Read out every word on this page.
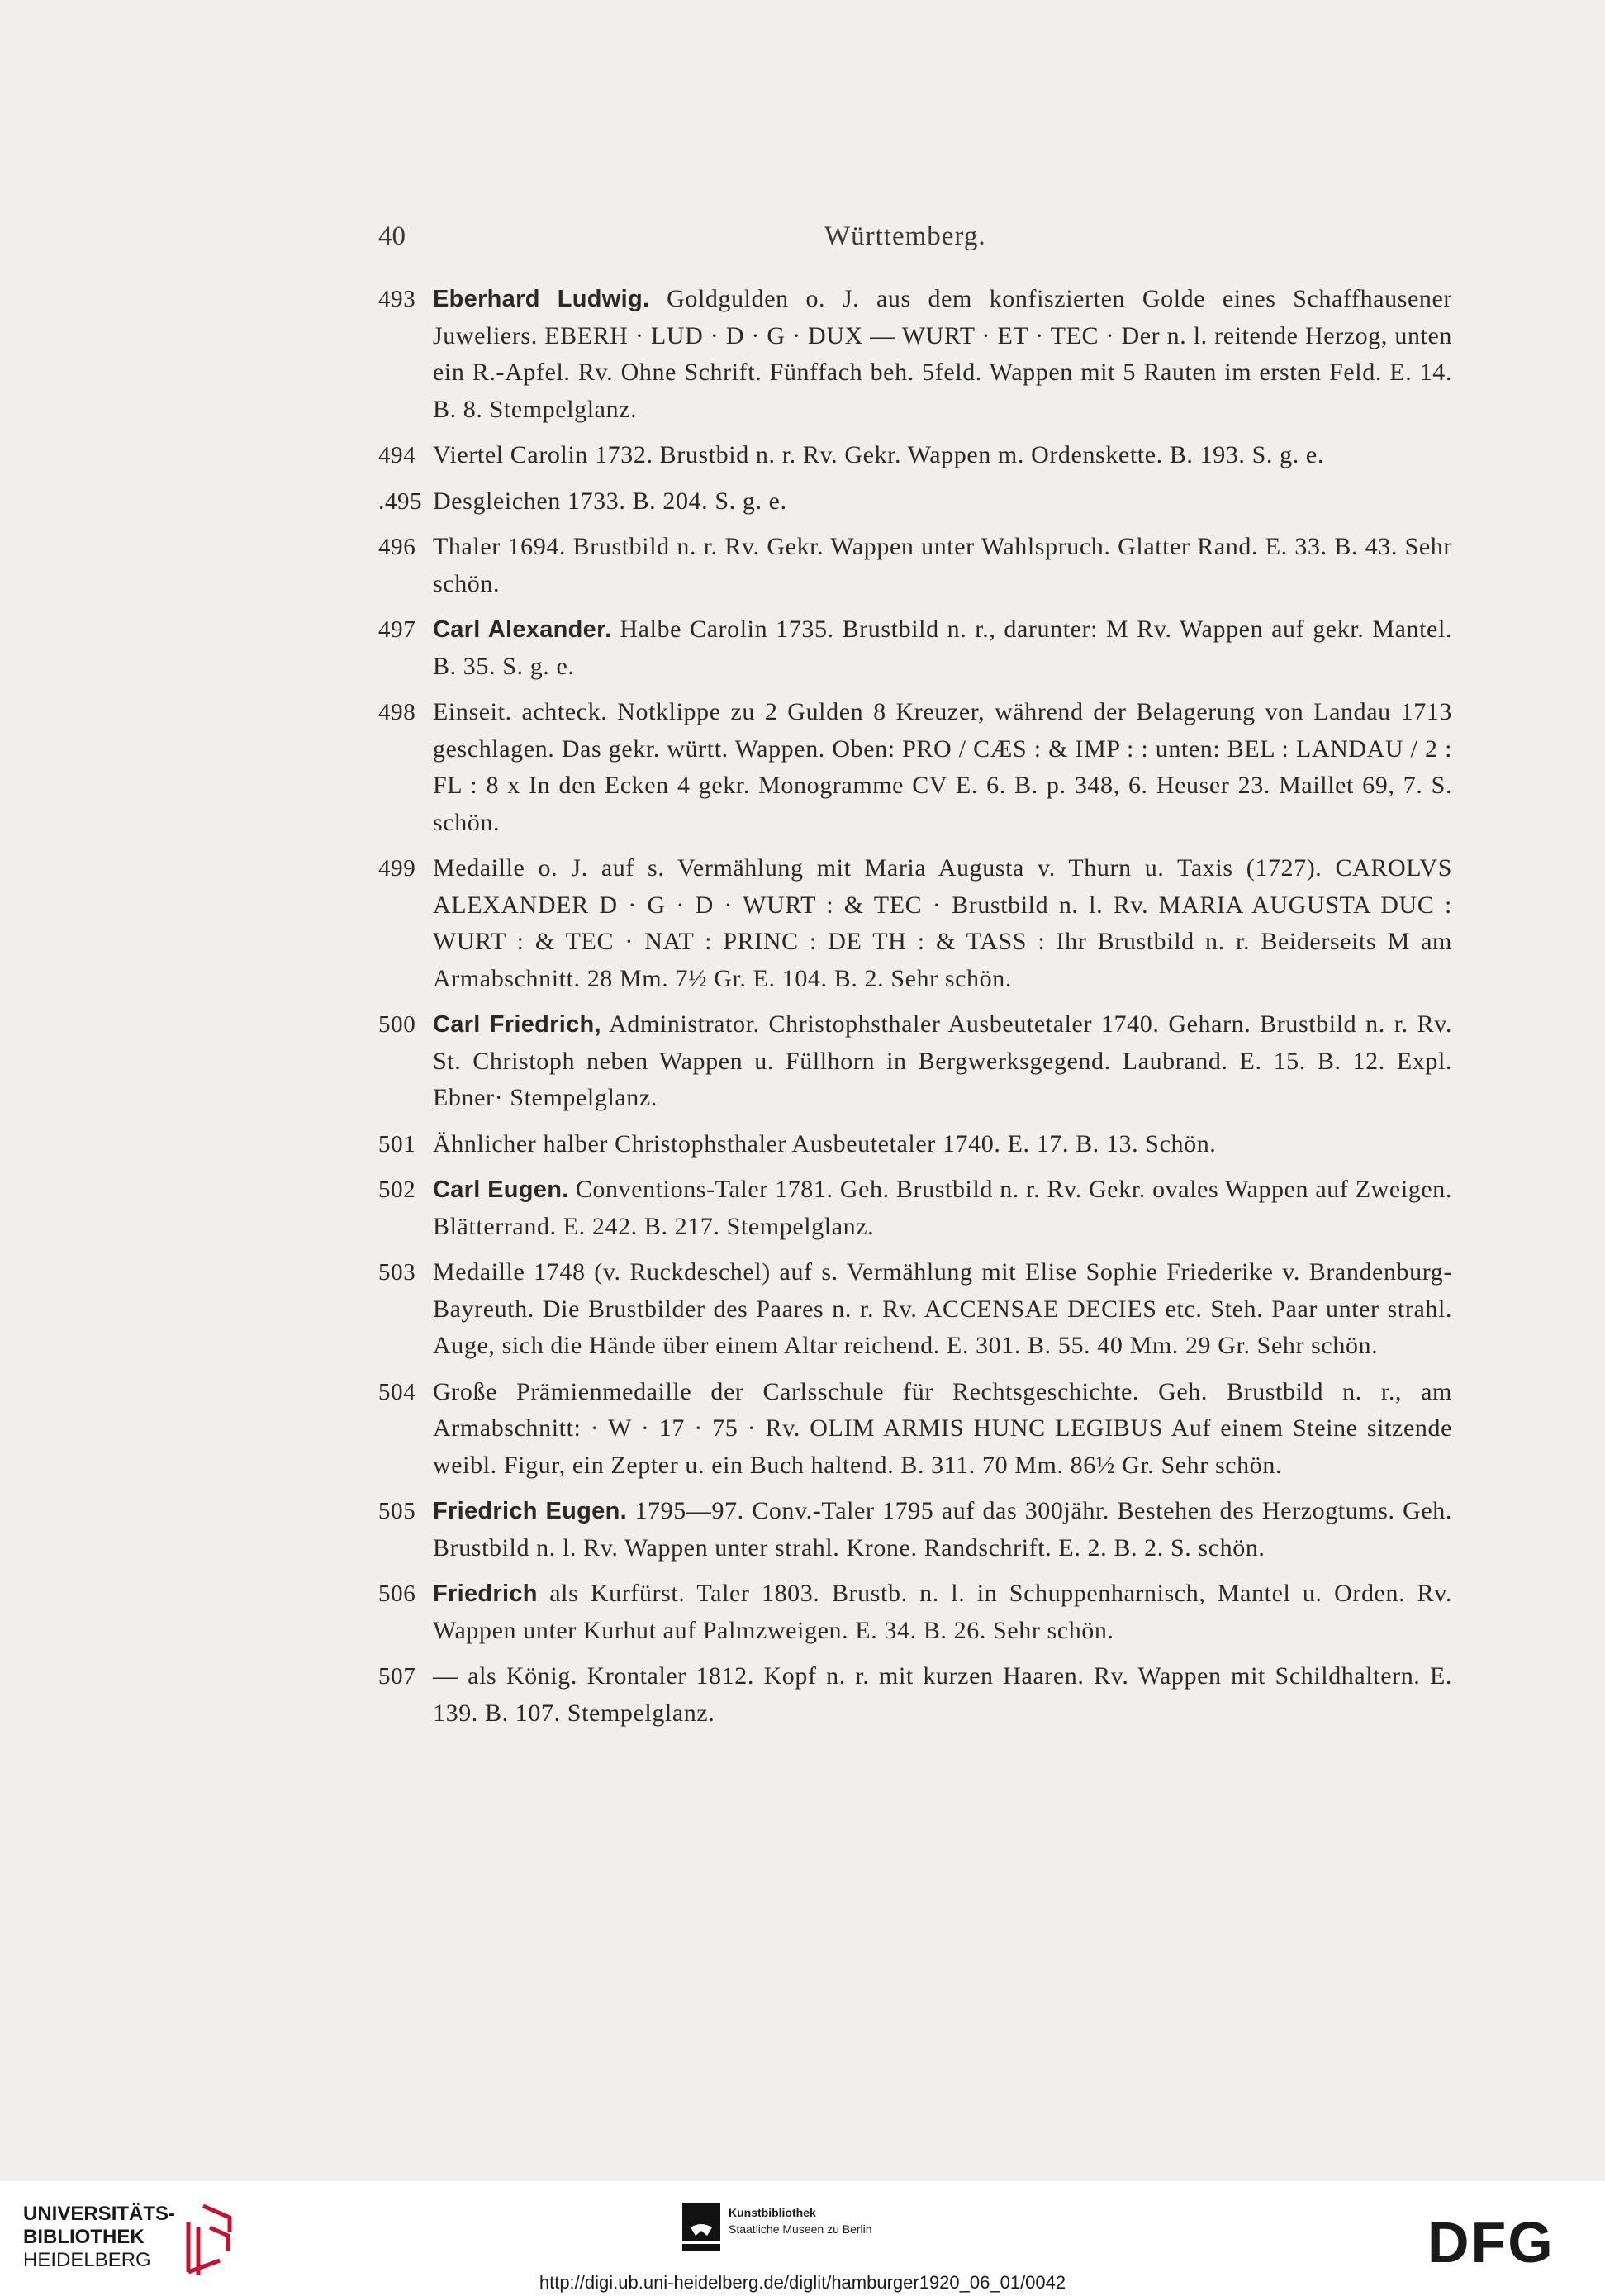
40	Württemberg.
493 Eberhard Ludwig. Goldgulden o. J. aus dem konfiszierten Golde eines Schaffhausener Juweliers. EBERH · LUD · D · G · DUX — WURT · ET · TEC · Der n. l. reitende Herzog, unten ein R.-Apfel. Rv. Ohne Schrift. Fünffach beh. 5feld. Wappen mit 5 Rauten im ersten Feld. E. 14. B. 8. Stempelglanz.
494 Viertel Carolin 1732. Brustbid n. r. Rv. Gekr. Wappen m. Ordenskette. B. 193. S. g. e.
.495 Desgleichen 1733. B. 204. S. g. e.
496 Thaler 1694. Brustbild n. r. Rv. Gekr. Wappen unter Wahlspruch. Glatter Rand. E. 33. B. 43. Sehr schön.
497 Carl Alexander. Halbe Carolin 1735. Brustbild n. r., darunter: M Rv. Wappen auf gekr. Mantel. B. 35. S. g. e.
498 Einseit. achteck. Notklippe zu 2 Gulden 8 Kreuzer, während der Belagerung von Landau 1713 geschlagen. Das gekr. württ. Wappen. Oben: PRO / CÆS : & IMP : : unten: BEL : LANDAU / 2 : FL : 8 x In den Ecken 4 gekr. Monogramme CV E. 6. B. p. 348, 6. Heuser 23. Maillet 69, 7. S. schön.
499 Medaille o. J. auf s. Vermählung mit Maria Augusta v. Thurn u. Taxis (1727). CAROLVS ALEXANDER D · G · D · WURT : & TEC · Brustbild n. l. Rv. MARIA AUGUSTA DUC : WURT : & TEC · NAT : PRINC : DE TH : & TASS : Ihr Brustbild n. r. Beiderseits M am Armabschnitt. 28 Mm. 7½ Gr. E. 104. B. 2. Sehr schön.
500 Carl Friedrich, Administrator. Christophsthaler Ausbeutetaler 1740. Geharn. Brustbild n. r. Rv. St. Christoph neben Wappen u. Füllhorn in Bergwerksgegend. Laubrand. E. 15. B. 12. Expl. Ebner· Stempelglanz.
501 Ähnlicher halber Christophsthaler Ausbeutetaler 1740. E. 17. B. 13. Schön.
502 Carl Eugen. Conventions-Taler 1781. Geh. Brustbild n. r. Rv. Gekr. ovales Wappen auf Zweigen. Blätterrand. E. 242. B. 217. Stempelglanz.
503 Medaille 1748 (v. Ruckdeschel) auf s. Vermählung mit Elise Sophie Friederike v. Brandenburg-Bayreuth. Die Brustbilder des Paares n. r. Rv. ACCENSAE DECIES etc. Steh. Paar unter strahl. Auge, sich die Hände über einem Altar reichend. E. 301. B. 55. 40 Mm. 29 Gr. Sehr schön.
504 Große Prämienmedaille der Carlsschule für Rechtsgeschichte. Geh. Brustbild n. r., am Armabschnitt: · W · 17 · 75 · Rv. OLIM ARMIS HUNC LEGIBUS Auf einem Steine sitzende weibl. Figur, ein Zepter u. ein Buch haltend. B. 311. 70 Mm. 86½ Gr. Sehr schön.
505 Friedrich Eugen. 1795—97. Conv.-Taler 1795 auf das 300jähr. Bestehen des Herzogtums. Geh. Brustbild n. l. Rv. Wappen unter strahl. Krone. Randschrift. E. 2. B. 2. S. schön.
506 Friedrich als Kurfürst. Taler 1803. Brustb. n. l. in Schuppenharnisch, Mantel u. Orden. Rv. Wappen unter Kurhut auf Palmzweigen. E. 34. B. 26. Sehr schön.
507 — als König. Krontaler 1812. Kopf n. r. mit kurzen Haaren. Rv. Wappen mit Schildhaltern. E. 139. B. 107. Stempelglanz.
UNIVERSITÄTS-
BIBLIOTHEK
HEIDELBERG
Kunstbibliothek
Staatliche Museen zu Berlin	DFG
http://digi.ub.uni-heidelberg.de/diglit/hamburger1920_06_01/0042
